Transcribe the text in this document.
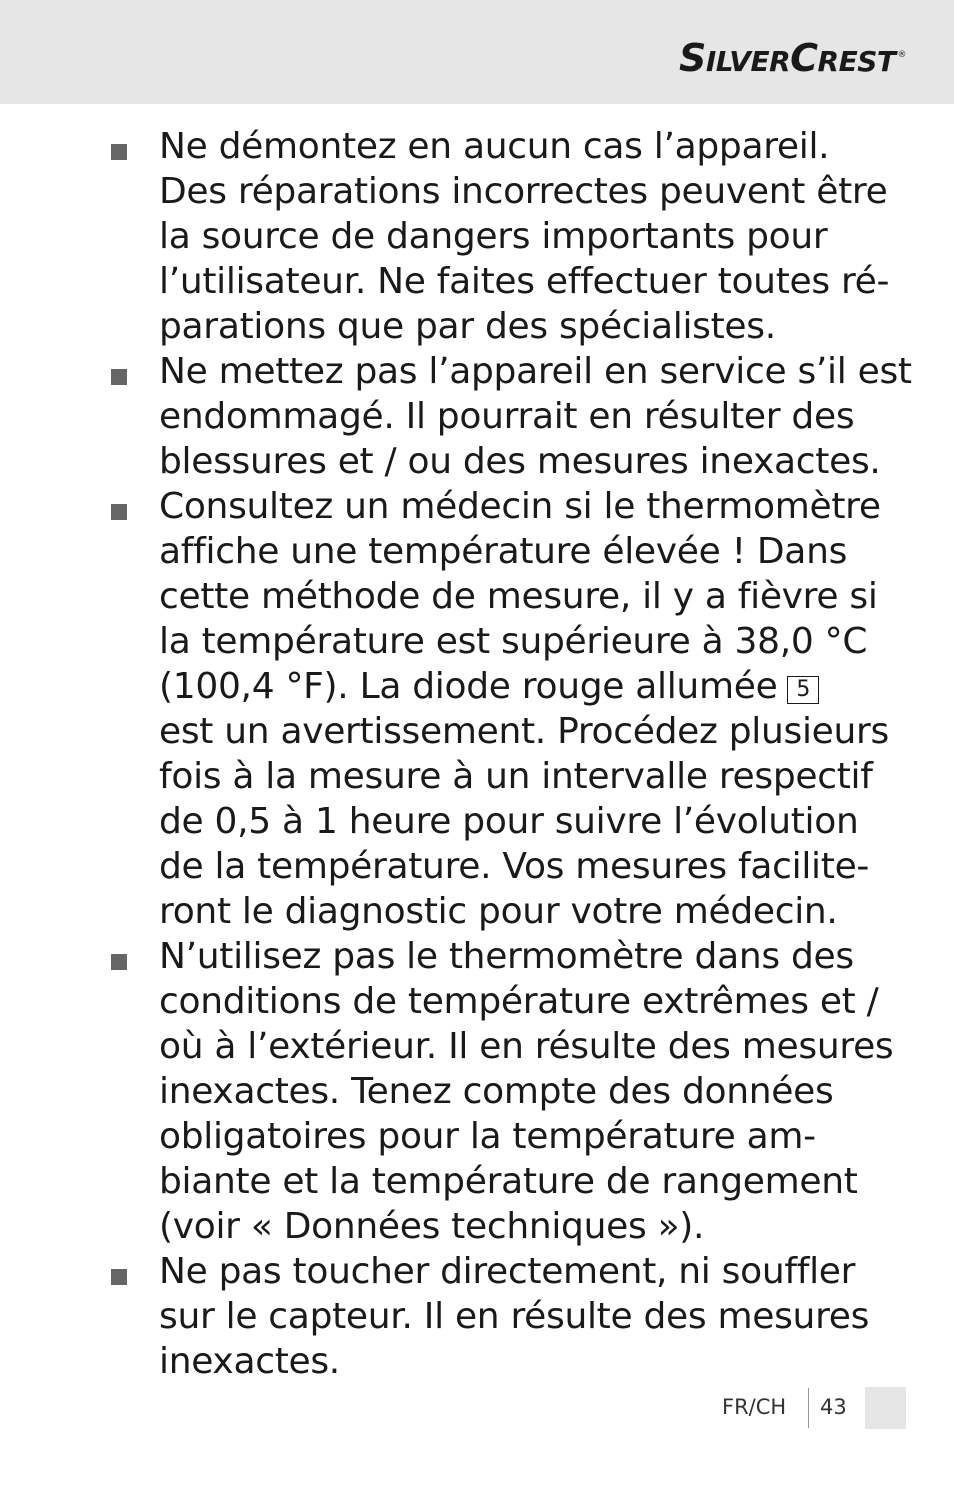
S ILVER C REST ®
Ne démontez en aucun cas l’appareil.
Des réparations incorrectes peuvent être
la source de dangers importants pour
l’utilisateur. Ne faites effectuer toutes ré-
parations que par des spécialistes.
Ne mettez pas l’appareil en service s’il est
endommagé. Il pourrait en résulter des
blessures et / ou des mesures inexactes.
Consultez un médecin si le thermomètre
affiche une température élevée ! Dans
cette méthode de mesure, il y a fièvre si
la température est supérieure à 38,0 °C
(100,4 °F). La diode rouge allumée 5
est un avertissement. Procédez plusieurs
fois à la mesure à un intervalle respectif
de 0,5 à 1 heure pour suivre l’évolution
de la température. Vos mesures facilite-
ront le diagnostic pour votre médecin.
N’utilisez pas le thermomètre dans des
conditions de température extrêmes et /
où à l’extérieur. Il en résulte des mesures
inexactes. Tenez compte des données
obligatoires pour la température am-
biante et la température de rangement
(voir « Données techniques »).
Ne pas toucher directement, ni souffler
sur le capteur. Il en résulte des mesures
inexactes.
FR/CH 43
